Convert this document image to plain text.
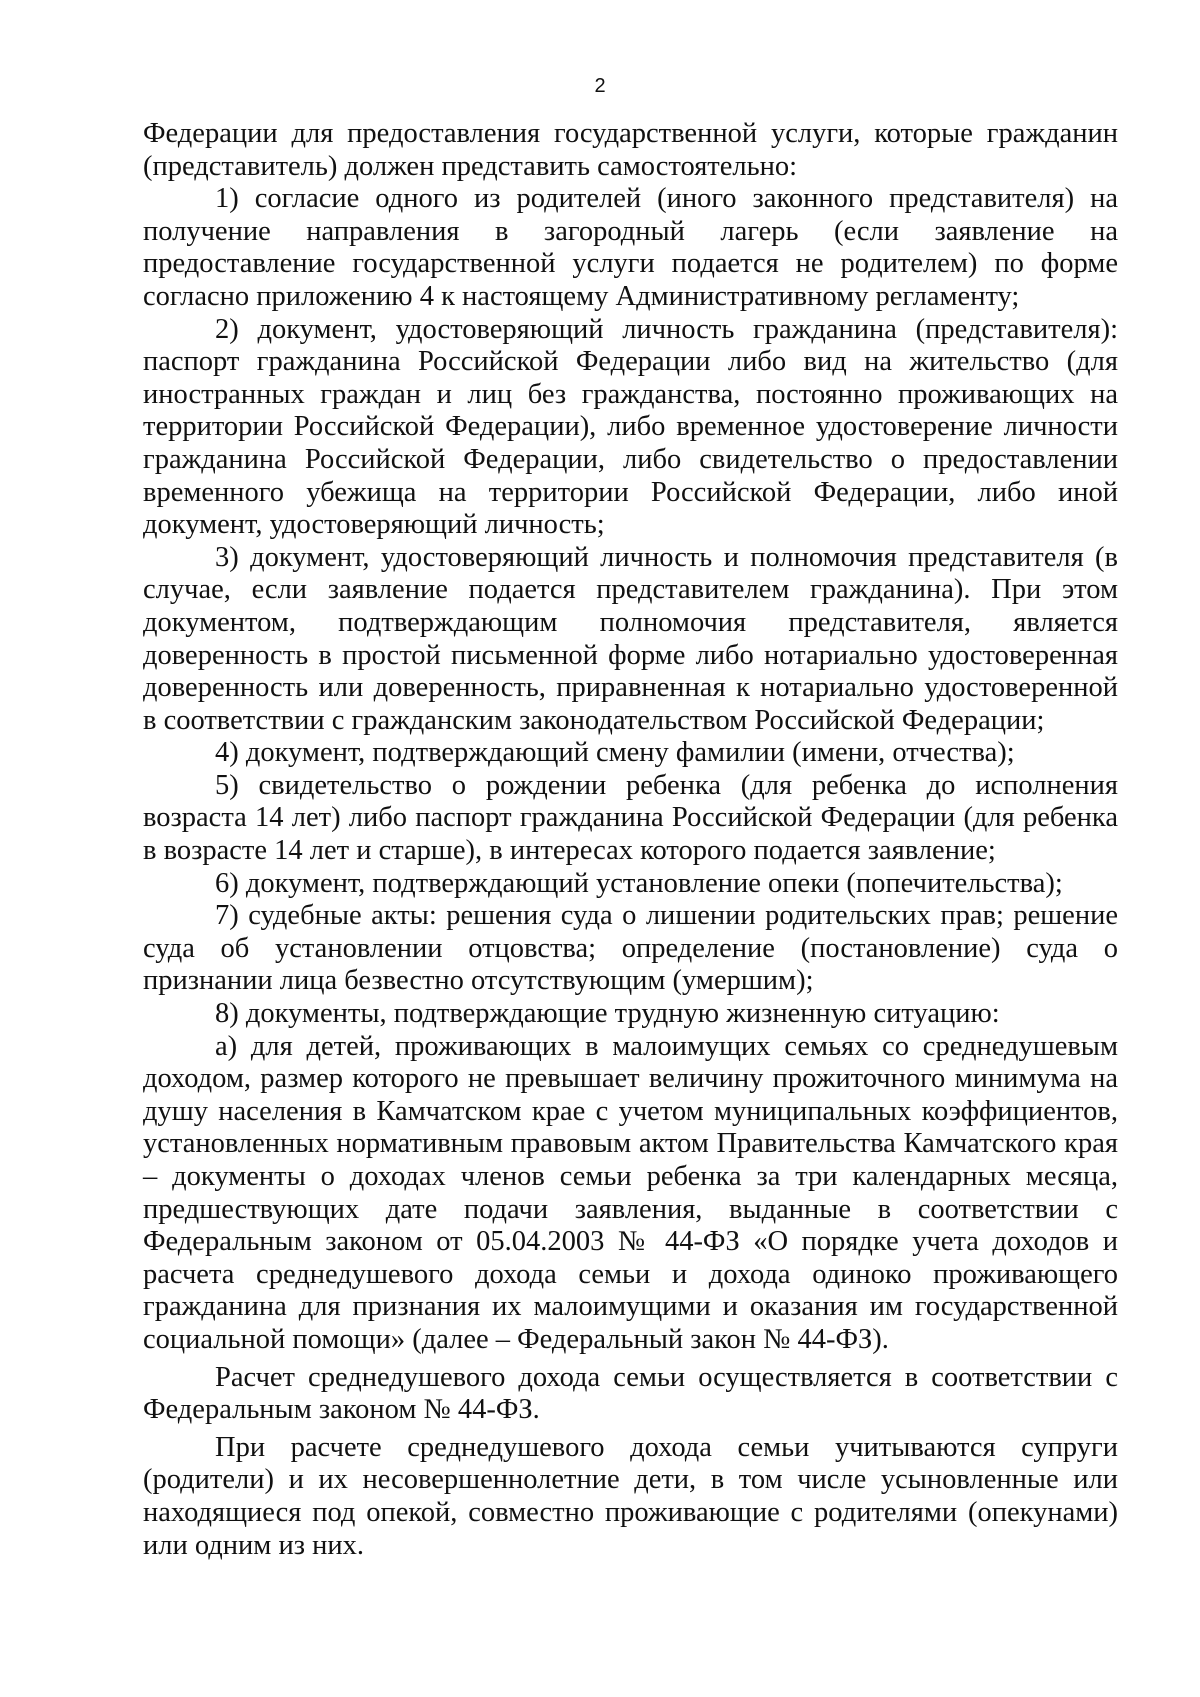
2

Федерации для предоставления государственной услуги, которые гражданин (представитель) должен представить самостоятельно:

1) согласие одного из родителей (иного законного представителя) на получение направления в загородный лагерь (если заявление на предоставление государственной услуги подается не родителем) по форме согласно приложению 4 к настоящему Административному регламенту;

2) документ, удостоверяющий личность гражданина (представителя): паспорт гражданина Российской Федерации либо вид на жительство (для иностранных граждан и лиц без гражданства, постоянно проживающих на территории Российской Федерации), либо временное удостоверение личности гражданина Российской Федерации, либо свидетельство о предоставлении временного убежища на территории Российской Федерации, либо иной документ, удостоверяющий личность;

3) документ, удостоверяющий личность и полномочия представителя (в случае, если заявление подается представителем гражданина). При этом документом, подтверждающим полномочия представителя, является доверенность в простой письменной форме либо нотариально удостоверенная доверенность или доверенность, приравненная к нотариально удостоверенной в соответствии с гражданским законодательством Российской Федерации;

4) документ, подтверждающий смену фамилии (имени, отчества);

5) свидетельство о рождении ребенка (для ребенка до исполнения возраста 14 лет) либо паспорт гражданина Российской Федерации (для ребенка в возрасте 14 лет и старше), в интересах которого подается заявление;

6) документ, подтверждающий установление опеки (попечительства);

7) судебные акты: решения суда о лишении родительских прав; решение суда об установлении отцовства; определение (постановление) суда о признании лица безвестно отсутствующим (умершим);

8) документы, подтверждающие трудную жизненную ситуацию:

а) для детей, проживающих в малоимущих семьях со среднедушевым доходом, размер которого не превышает величину прожиточного минимума на душу населения в Камчатском крае с учетом муниципальных коэффициентов, установленных нормативным правовым актом Правительства Камчатского края – документы о доходах членов семьи ребенка за три календарных месяца, предшествующих дате подачи заявления, выданные в соответствии с Федеральным законом от 05.04.2003 № 44-ФЗ «О порядке учета доходов и расчета среднедушевого дохода семьи и дохода одиноко проживающего гражданина для признания их малоимущими и оказания им государственной социальной помощи» (далее – Федеральный закон № 44-ФЗ).

Расчет среднедушевого дохода семьи осуществляется в соответствии с Федеральным законом № 44-ФЗ.

При расчете среднедушевого дохода семьи учитываются супруги (родители) и их несовершеннолетние дети, в том числе усыновленные или находящиеся под опекой, совместно проживающие с родителями (опекунами) или одним из них.
